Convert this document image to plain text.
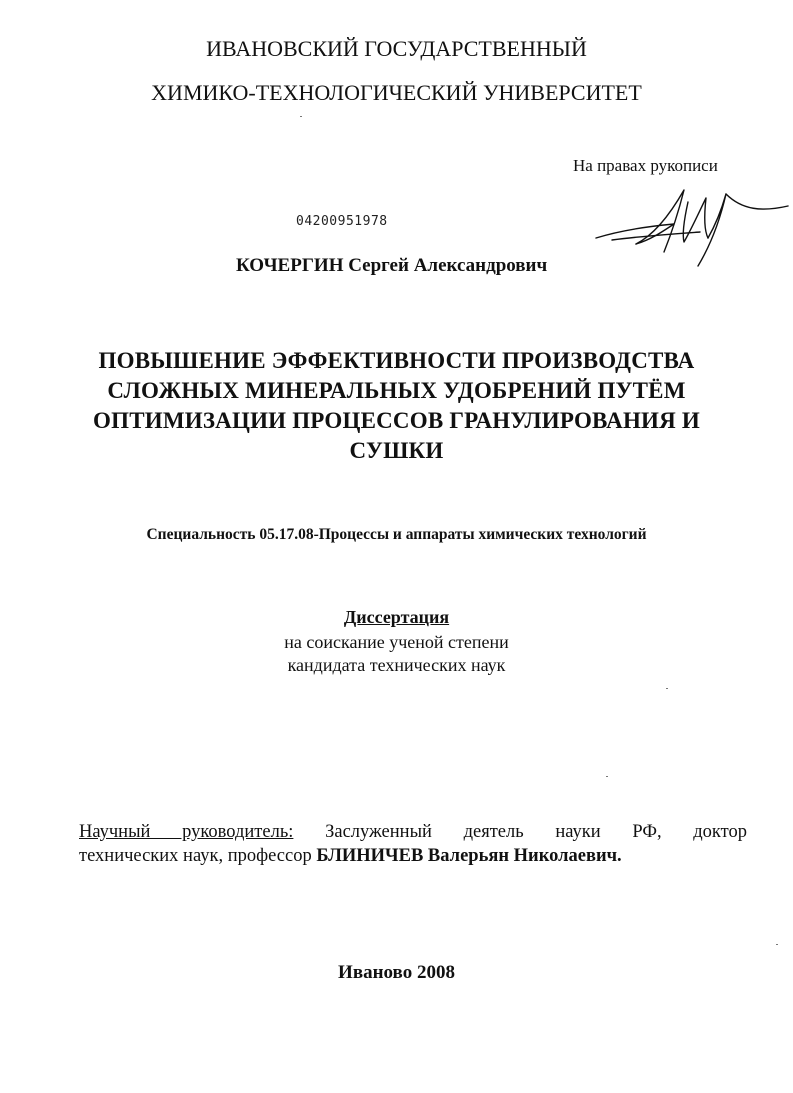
ИВАНОВСКИЙ ГОСУДАРСТВЕННЫЙ
ХИМИКО-ТЕХНОЛОГИЧЕСКИЙ УНИВЕРСИТЕТ
На правах рукописи
04200951978
КОЧЕРГИН Сергей Александрович
ПОВЫШЕНИЕ ЭФФЕКТИВНОСТИ ПРОИЗВОДСТВА
СЛОЖНЫХ МИНЕРАЛЬНЫХ УДОБРЕНИЙ ПУТЁМ
ОПТИМИЗАЦИИ ПРОЦЕССОВ ГРАНУЛИРОВАНИЯ И
СУШКИ
Специальность 05.17.08-Процессы и аппараты химических технологий
Диссертация
на соискание ученой степени
кандидата технических наук
Научный руководитель: Заслуженный деятель науки РФ, доктор
технических наук, профессор БЛИНИЧЕВ Валерьян Николаевич.
Иваново 2008
